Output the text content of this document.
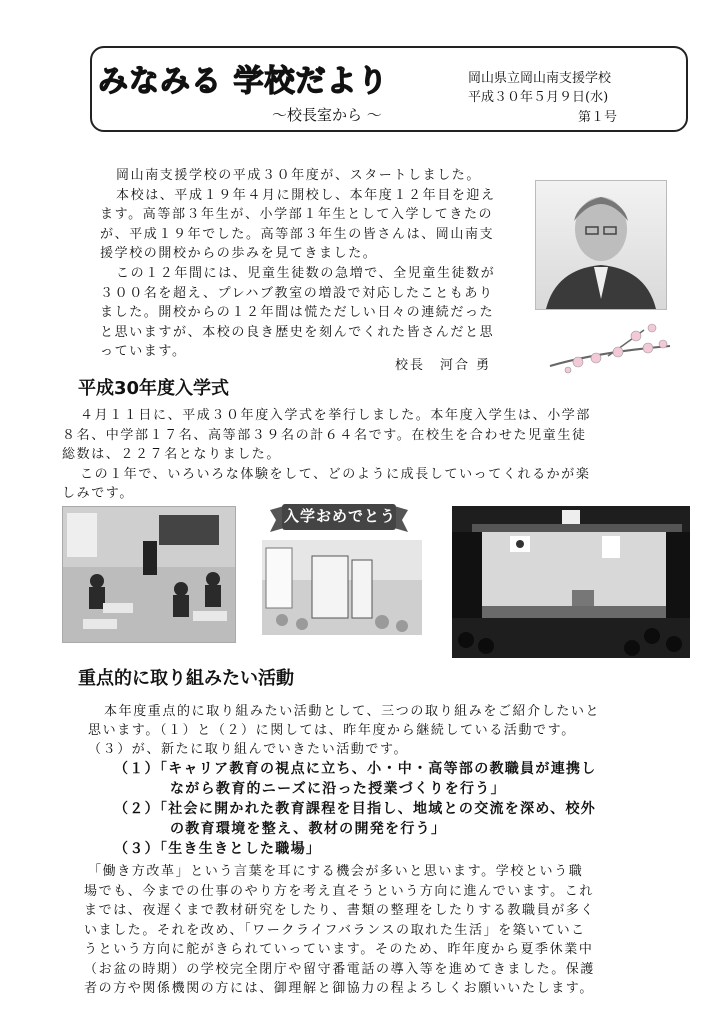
みなみる 学校だより
～校長室から ～
岡山県立岡山南支援学校
平成３０年５月９日(水)
第１号
岡山南支援学校の平成３０年度が、スタートしました。
本校は、平成１９年４月に開校し、本年度１２年目を迎え
ます。高等部３年生が、小学部１年生として入学してきたの
が、平成１９年でした。高等部３年生の皆さんは、岡山南支
援学校の開校からの歩みを見てきました。
この１２年間には、児童生徒数の急増で、全児童生徒数が
３００名を超え、プレハブ教室の増設で対応したこともあり
ました。開校からの１２年間は慌ただしい日々の連続だった
と思いますが、本校の良き歴史を刻んでくれた皆さんだと思
っています。
校長　河合 勇
平成30年度入学式
４月１１日に、平成３０年度入学式を挙行しました。本年度入学生は、小学部
８名、中学部１７名、高等部３９名の計６４名です。在校生を合わせた児童生徒
総数は、２２７名となりました。
この１年で、いろいろな体験をして、どのように成長していってくれるかが楽
しみです。
入学おめでとう
重点的に取り組みたい活動
本年度重点的に取り組みたい活動として、三つの取り組みをご紹介したいと
思います。（１）と（２）に関しては、昨年度から継続している活動です。
（３）が、新たに取り組んでいきたい活動です。
（１）「キャリア教育の視点に立ち、小・中・高等部の教職員が連携し
ながら教育的ニーズに沿った授業づくりを行う」
（２）「社会に開かれた教育課程を目指し、地域との交流を深め、校外
の教育環境を整え、教材の開発を行う」
（３）「生き生きとした職場」
「働き方改革」という言葉を耳にする機会が多いと思います。学校という職
場でも、今までの仕事のやり方を考え直そうという方向に進んでいます。これ
までは、夜遅くまで教材研究をしたり、書類の整理をしたりする教職員が多く
いました。それを改め、「ワークライフバランスの取れた生活」を築いていこ
うという方向に舵がきられていっています。そのため、昨年度から夏季休業中
（お盆の時期）の学校完全閉庁や留守番電話の導入等を進めてきました。保護
者の方や関係機関の方には、御理解と御協力の程よろしくお願いいたします。
